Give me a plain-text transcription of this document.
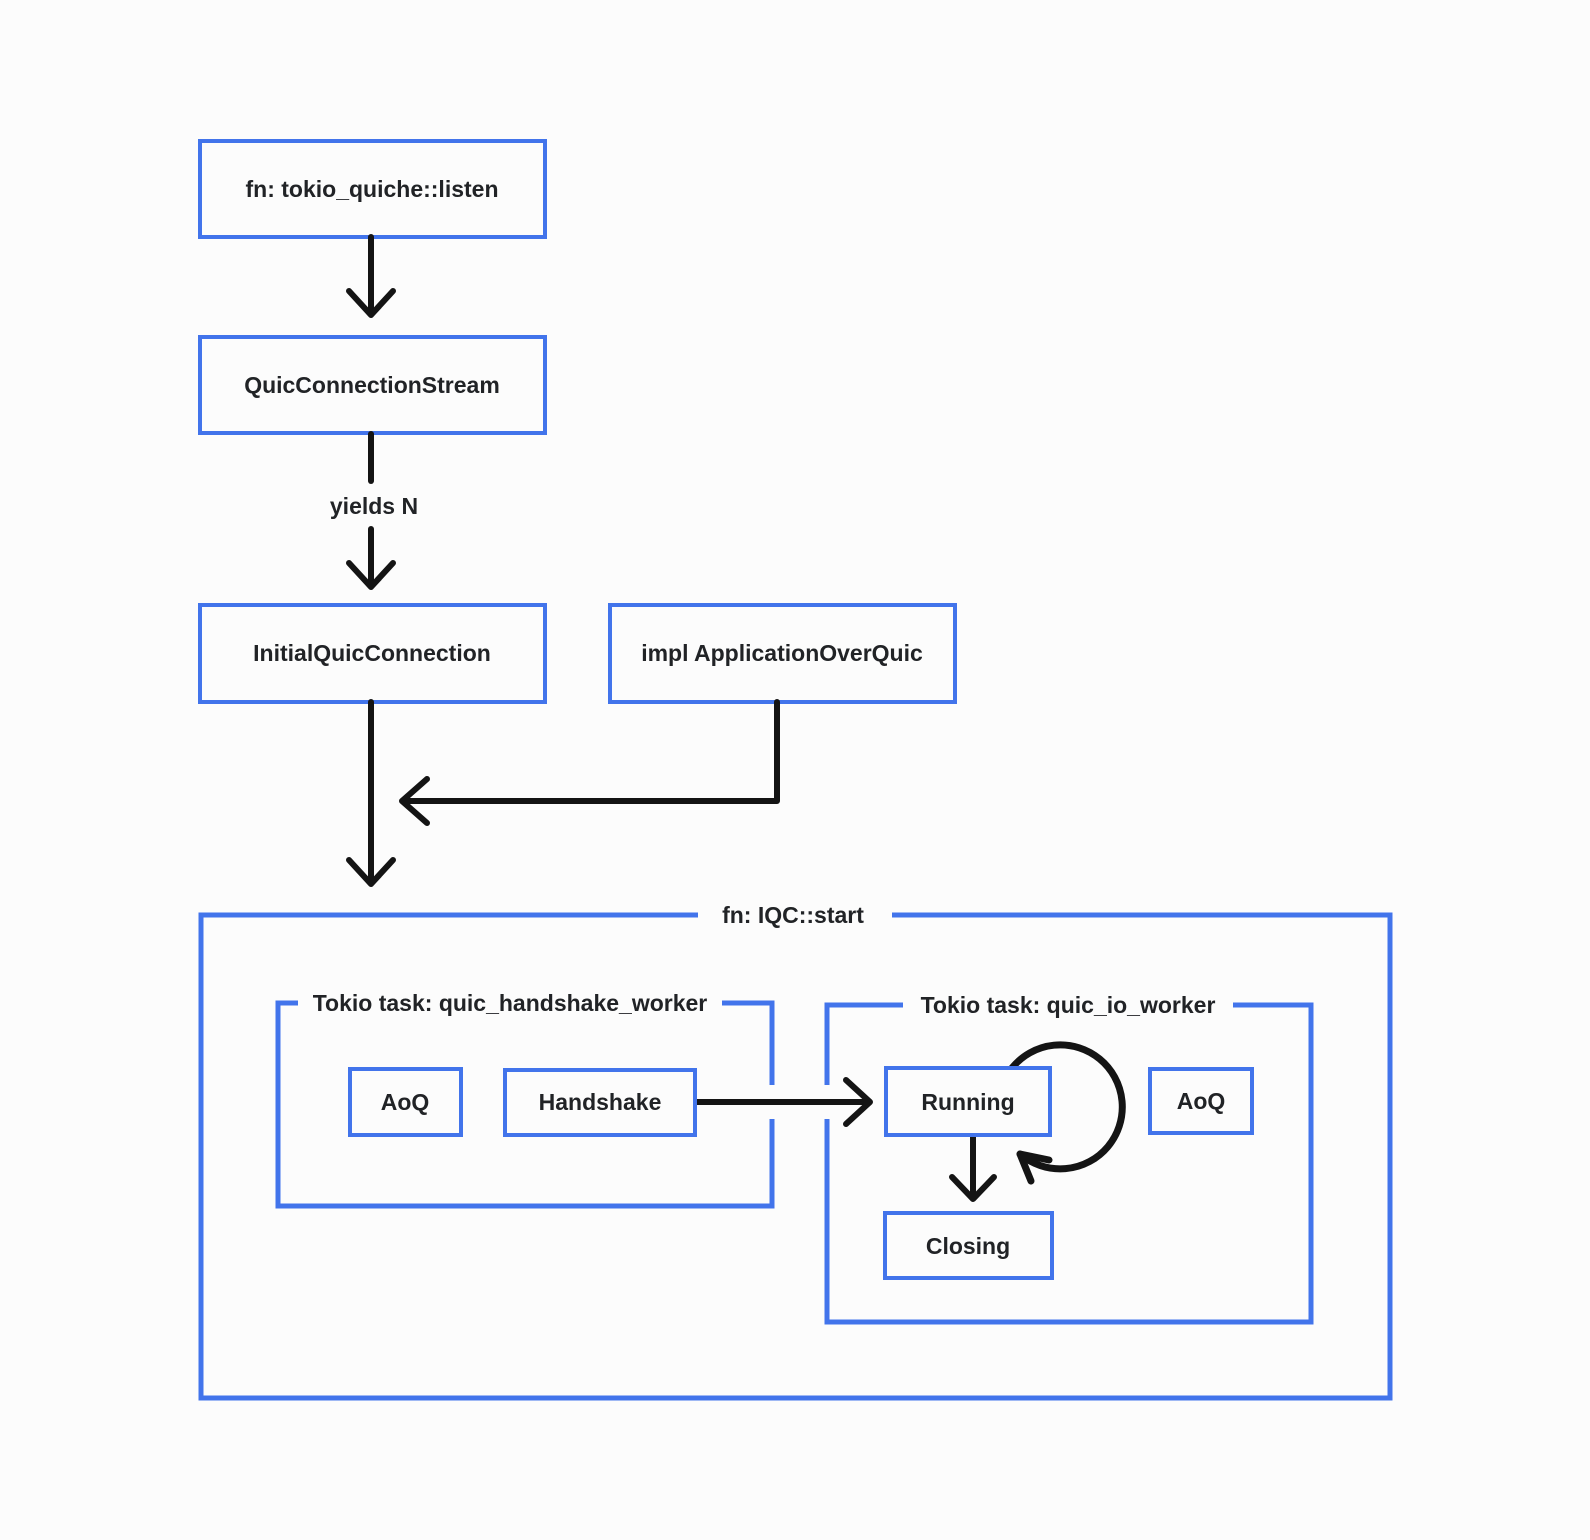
fn: IQC::start
Tokio task: quic_handshake_worker	Tokio task: quic_io_worker
fn: tokio_quiche::listen
QuicConnectionStream
InitialQuicConnection	impl ApplicationOverQuic
yields N
AoQ	Handshake	Running	AoQ
Closing
